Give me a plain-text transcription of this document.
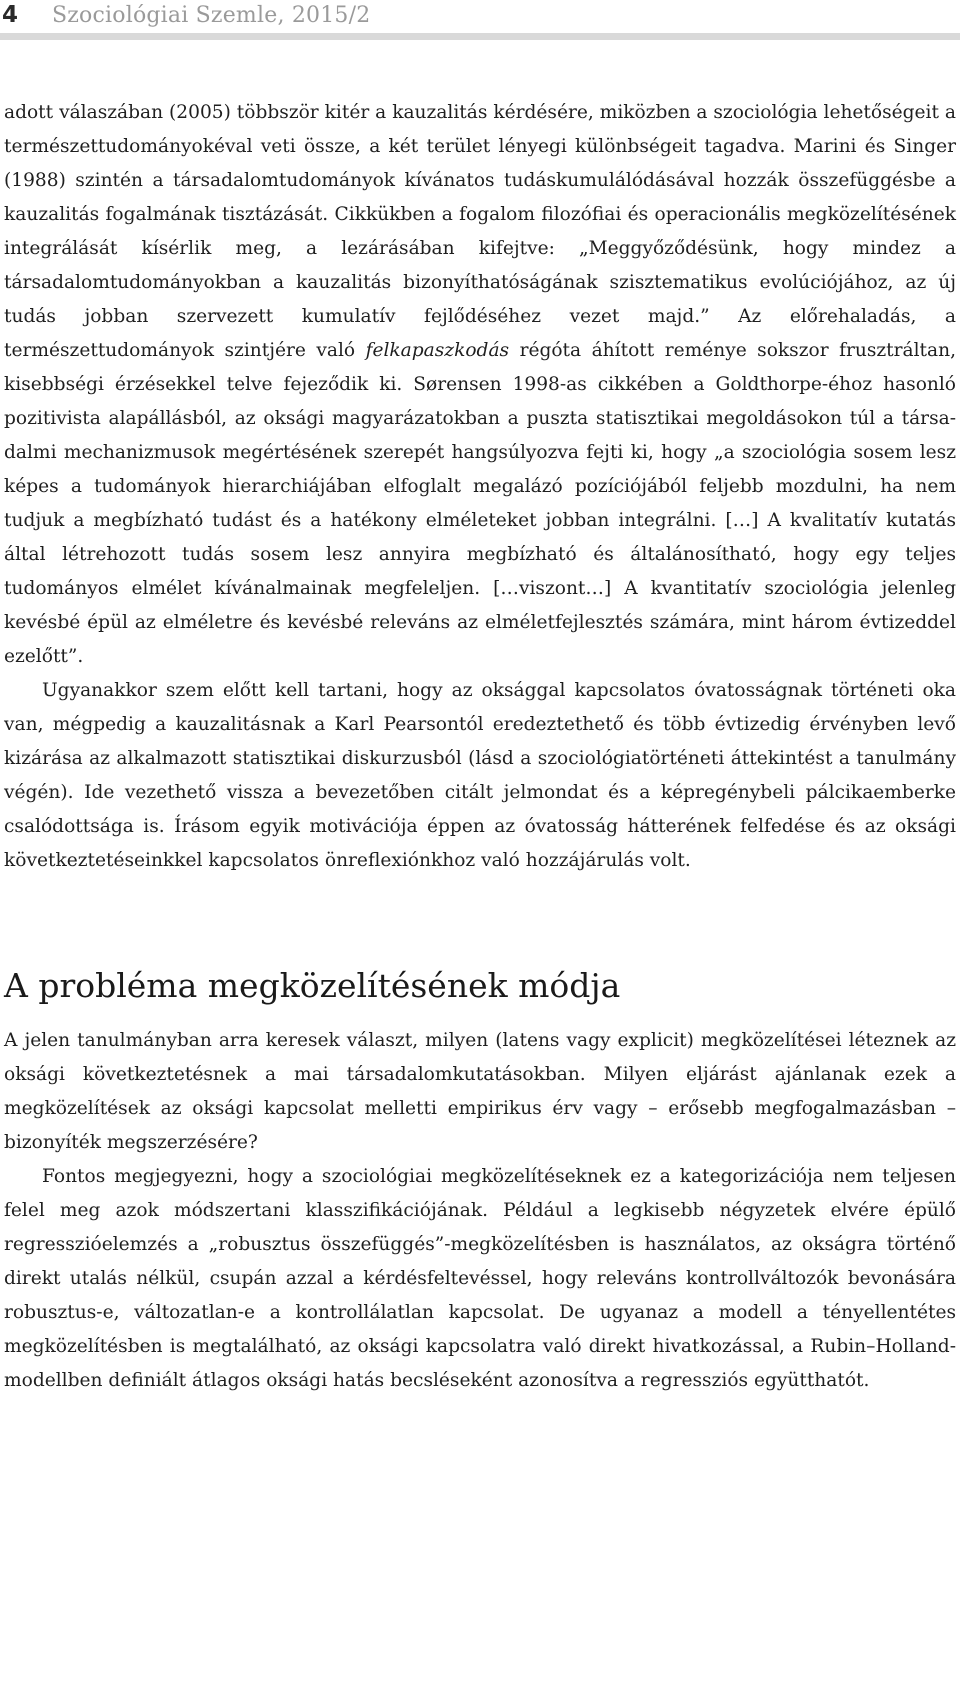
4 Szociológiai Szemle, 2015/2

adott válaszában (2005) többször kitér a kauzalitás kérdésére, miközben a szociológia lehetőségeit a természettudományokéval veti össze, a két terület lényegi különbségeit tagadva. Marini és Singer (1988) szintén a társadalomtudományok kívánatos tudáskumulálódásával hozzák összefüggésbe a kauzalitás fogalmának tisztázását. Cikkükben a fogalom filozófiai és operacionális megközelítésének integrálását kísérlik meg, a lezárásában kifejtve: „Meggyőződésünk, hogy mindez a társadalomtudományokban a kauzalitás bizonyíthatóságának szisztematikus evolúciójához, az új tudás jobban szervezett kumulatív fejlődéséhez vezet majd.” Az előrehaladás, a természettudományok szintjére való felkapaszkodás régóta áhított reménye sokszor frusztráltan, kisebbségi érzésekkel telve fejeződik ki. Sørensen 1998-as cikkében a Goldthorpe-éhoz hasonló pozitivista alapállásból, az oksági magyarázatokban a puszta statisztikai megoldásokon túl a társadalmi mechanizmusok megértésének szerepét hangsúlyozva fejti ki, hogy „a szociológia sosem lesz képes a tudományok hierarchiájában elfoglalt megalázó pozíciójából feljebb mozdulni, ha nem tudjuk a megbízható tudást és a hatékony elméleteket jobban integrálni. […] A kvalitatív kutatás által létrehozott tudás sosem lesz annyira megbízható és általánosítható, hogy egy teljes tudományos elmélet kívánalmainak megfeleljen. […viszont…] A kvantitatív szociológia jelenleg kevésbé épül az elméletre és kevésbé releváns az elméletfejlesztés számára, mint három évtizeddel ezelőtt”.

Ugyanakkor szem előtt kell tartani, hogy az oksággal kapcsolatos óvatosságnak történeti oka van, mégpedig a kauzalitásnak a Karl Pearsontól eredeztethető és több évtizedig érvényben levő kizárása az alkalmazott statisztikai diskurzusból (lásd a szociológiatörténeti áttekintést a tanulmány végén). Ide vezethető vissza a bevezetőben citált jelmondat és a képregénybeli pálcikaemberke csalódottsága is. Írásom egyik motivációja éppen az óvatosság hátterének felfedése és az oksági következtetéseinkkel kapcsolatos önreflexiónkhoz való hozzájárulás volt.

A probléma megközelítésének módja

A jelen tanulmányban arra keresek választ, milyen (latens vagy explicit) megközelítései léteznek az oksági következtetésnek a mai társadalomkutatásokban. Milyen eljárást ajánlanak ezek a megközelítések az oksági kapcsolat melletti empirikus érv vagy – erősebb megfogalmazásban – bizonyíték megszerzésére?

Fontos megjegyezni, hogy a szociológiai megközelítéseknek ez a kategorizációja nem teljesen felel meg azok módszertani klasszifikációjának. Például a legkisebb négyzetek elvére épülő regresszióelemzés a „robusztus összefüggés”-megközelítésben is használatos, az okságra történő direkt utalás nélkül, csupán azzal a kérdésfeltevéssel, hogy releváns kontrollváltozók bevonására robusztus-e, változatlan-e a kontrollálatlan kapcsolat. De ugyanaz a modell a tényellentétes megközelítésben is megtalálható, az oksági kapcsolatra való direkt hivatkozással, a Rubin–Holland-modellben definiált átlagos oksági hatás becsléseként azonosítva a regressziós együtthatót.
